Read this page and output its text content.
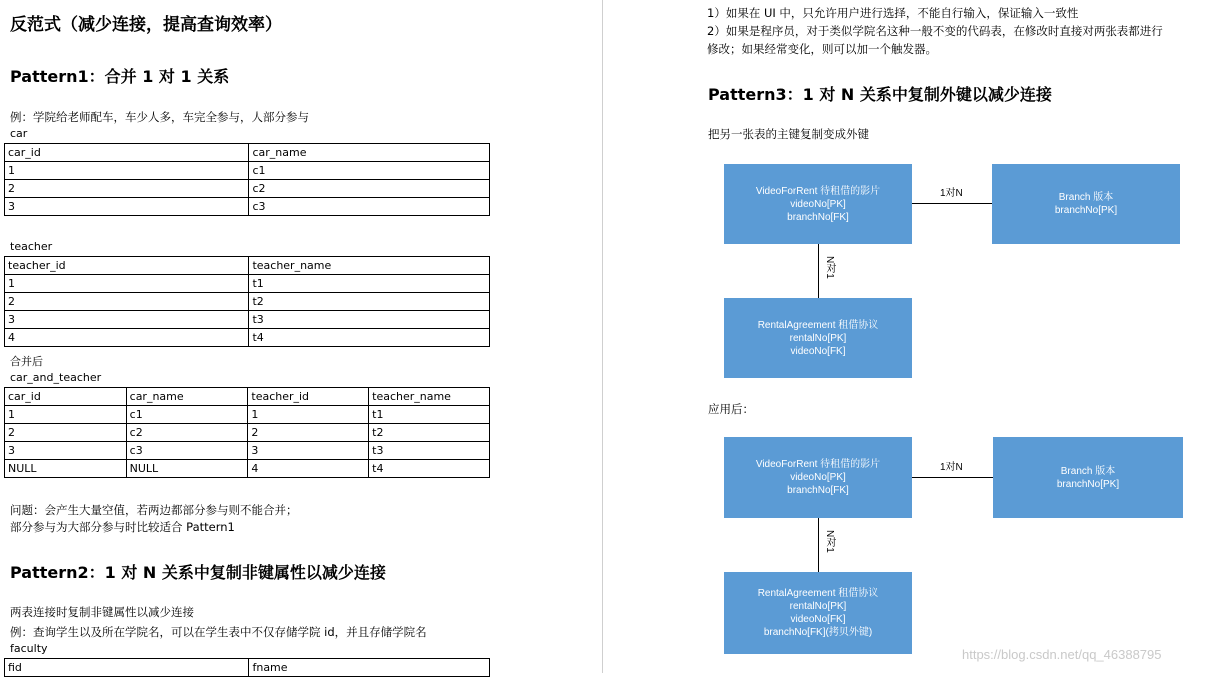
反范式（减少连接，提高查询效率）
Pattern1：合并 1 对 1 关系
例：学院给老师配车，车少人多，车完全参与，人部分参与
car
car_id	car_name
1	c1
2	c2
3	c3
teacher
teacher_id	teacher_name
1	t1
2	t2
3	t3
4	t4
合并后
car_and_teacher
car_id	car_name	teacher_id	teacher_name
1	c1	1	t1
2	c2	2	t2
3	c3	3	t3
NULL	NULL	4	t4
问题：会产生大量空值，若两边都部分参与则不能合并；
部分参与为大部分参与时比较适合 Pattern1
Pattern2：1 对 N 关系中复制非键属性以减少连接
两表连接时复制非键属性以减少连接
例：查询学生以及所在学院名，可以在学生表中不仅存储学院 id，并且存储学院名
faculty
fid	fname
1）如果在 UI 中，只允许用户进行选择，不能自行输入，保证输入一致性
2）如果是程序员，对于类似学院名这种一般不变的代码表，在修改时直接对两张表都进行
修改；如果经常变化，则可以加一个触发器。
Pattern3：1 对 N 关系中复制外键以减少连接
把另一张表的主键复制变成外键
1对N
N对1
VideoForRent 待租借的影片
videoNo[PK]
branchNo[FK]
Branch 版本
branchNo[PK]
RentalAgreement 租借协议
rentalNo[PK]
videoNo[FK]
应用后：
1对N
N对1
VideoForRent 待租借的影片
videoNo[PK]
branchNo[FK]
Branch 版本
branchNo[PK]
RentalAgreement 租借协议
rentalNo[PK]
videoNo[FK]
branchNo[FK](拷贝外键)
https://blog.csdn.net/qq_46388795
